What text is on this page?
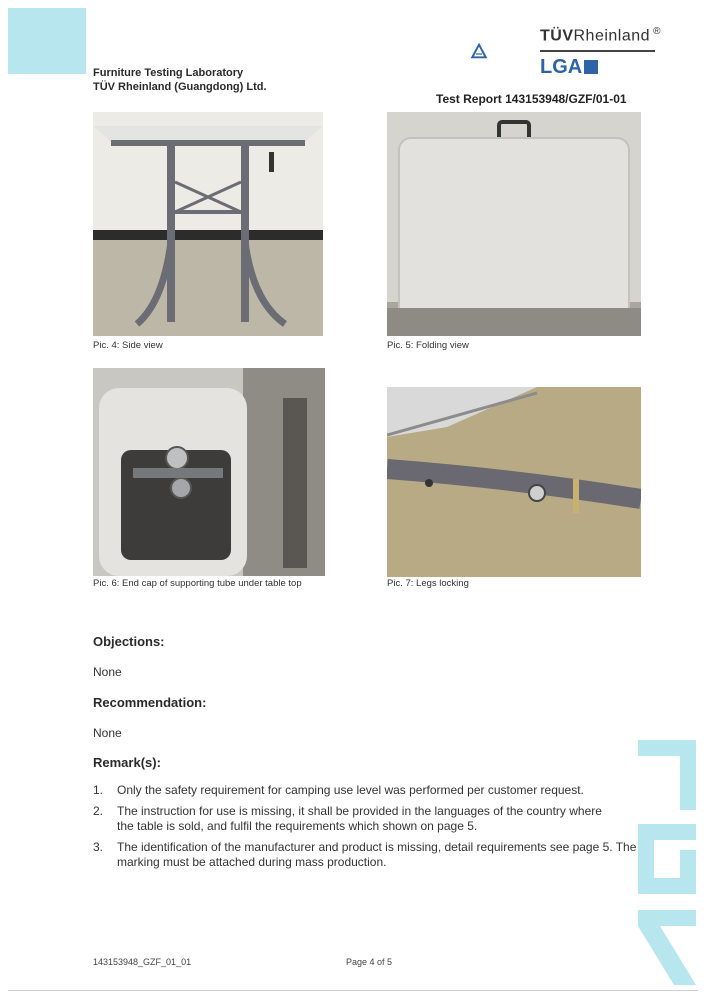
Furniture Testing Laboratory
TÜV Rheinland (Guangdong) Ltd.
TÜVRheinland ®
LGA
Test Report 143153948/GZF/01-01
Pic. 4: Side view	Pic. 5: Folding view
Pic. 6: End cap of supporting tube under table top	Pic. 7: Legs locking
Objections:
None
Recommendation:
None
Remark(s):
1.	Only the safety requirement for camping use level was performed per customer request.
2.	The instruction for use is missing, it shall be provided in the languages of the country where the table is sold, and fulfil the requirements which shown on page 5.
3.	The identification of the manufacturer and product is missing, detail requirements see page 5. The marking must be attached during mass production.
143153948_GZF_01_01	Page 4 of 5
